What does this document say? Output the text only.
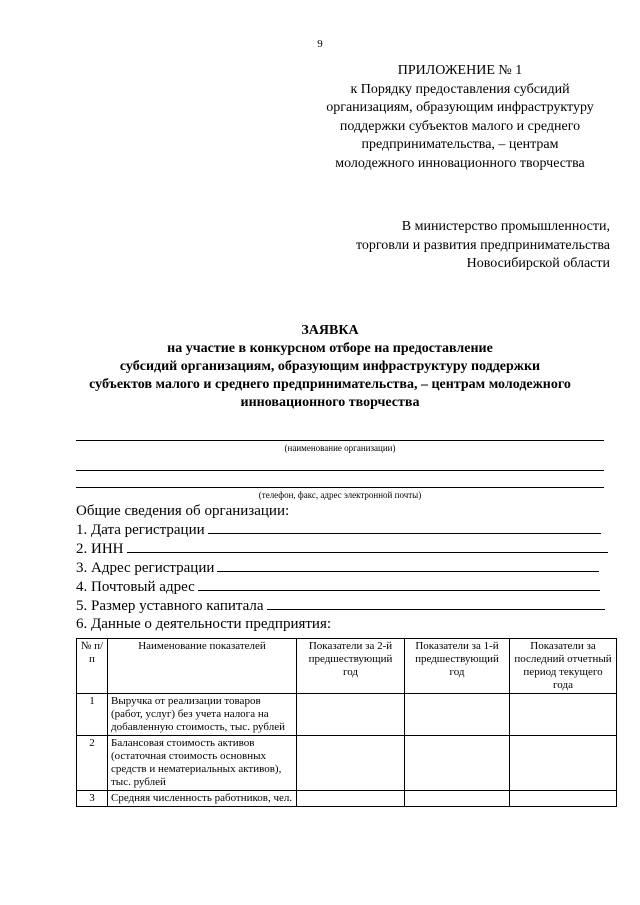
9
ПРИЛОЖЕНИЕ № 1
к Порядку предоставления субсидий
организациям, образующим инфраструктуру
поддержки субъектов малого и среднего
предпринимательства, – центрам
молодежного инновационного творчества
В министерство промышленности,
торговли и развития предпринимательства
Новосибирской области
ЗАЯВКА
на участие в конкурсном отборе на предоставление
субсидий организациям, образующим инфраструктуру поддержки
субъектов малого и среднего предпринимательства, – центрам молодежного
инновационного творчества
(наименование организации)
(телефон, факс, адрес электронной почты)
Общие сведения об организации:
1. Дата регистрации
2. ИНН
3. Адрес регистрации
4. Почтовый адрес
5. Размер уставного капитала
6. Данные о деятельности предприятия:
№ п/п	Наименование показателей	Показатели за 2-й предшествующий год	Показатели за 1-й предшествующий год	Показатели за последний отчетный период текущего года
1	Выручка от реализации товаров (работ, услуг) без учета налога на добавленную стоимость, тыс. рублей			
2	Балансовая стоимость активов (остаточная стоимость основных средств и нематериальных активов), тыс. рублей			
3	Средняя численность работников, чел.			
